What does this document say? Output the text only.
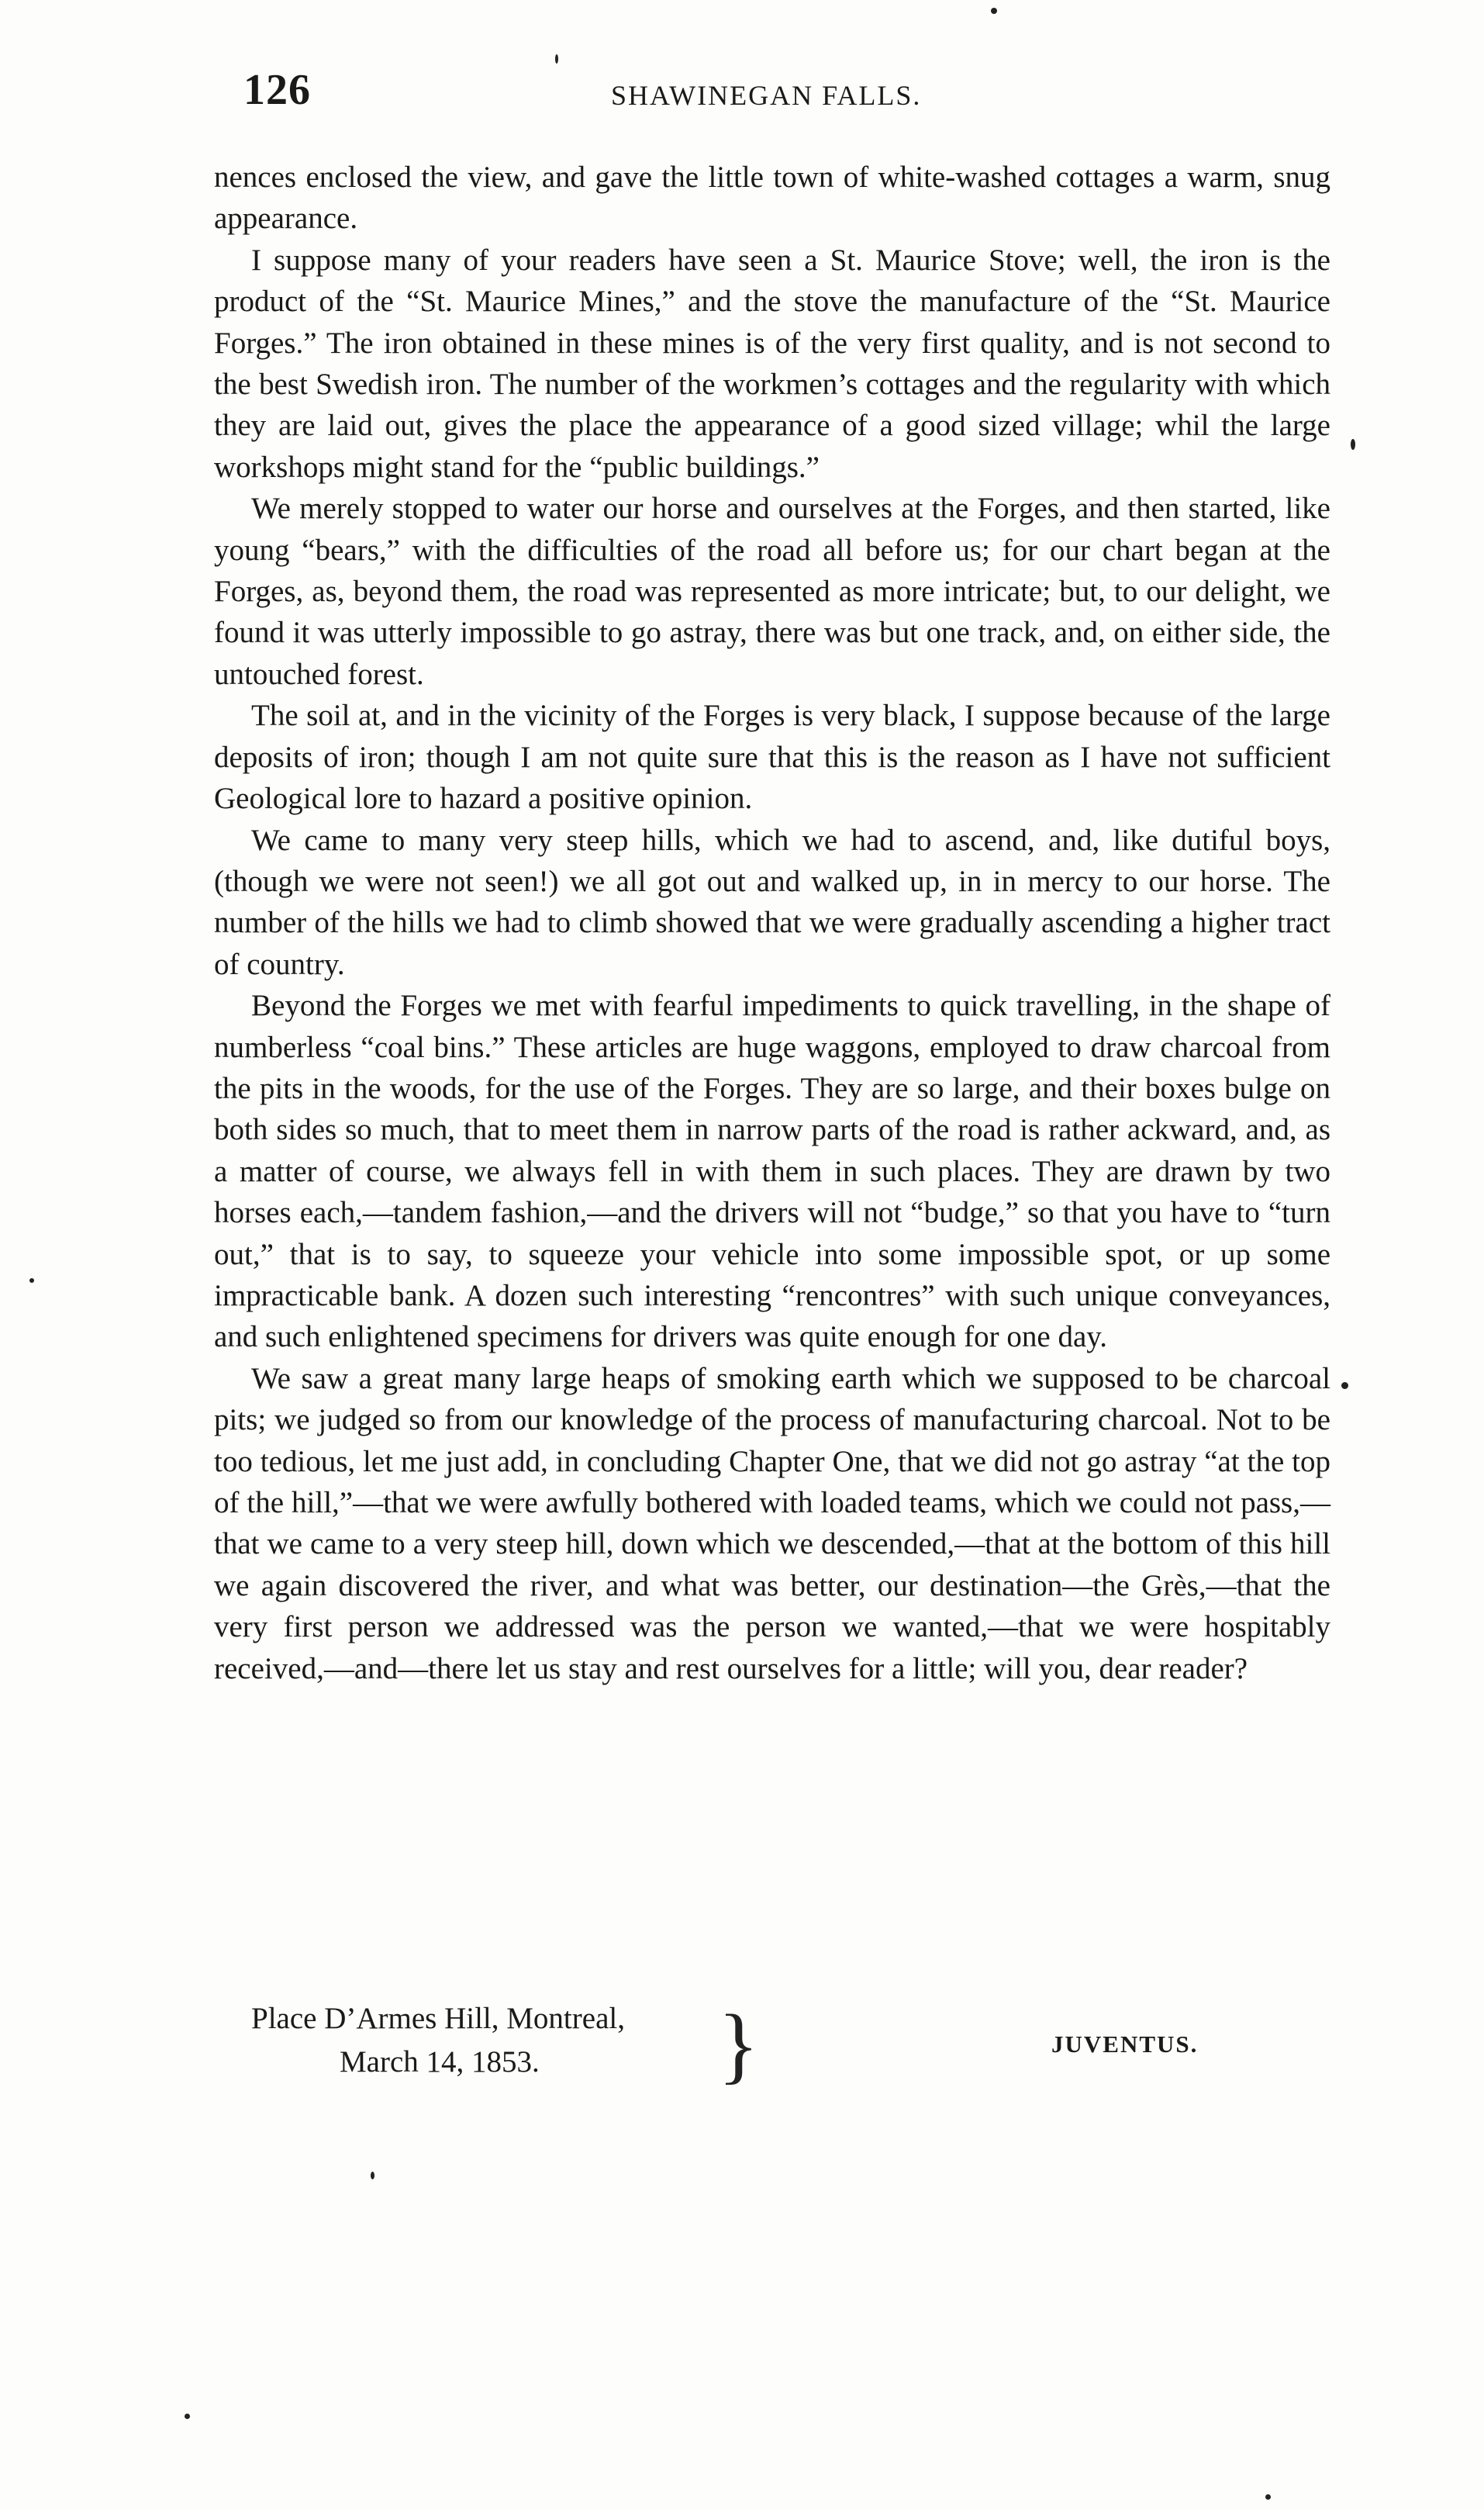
126	SHAWINEGAN FALLS.

nences enclosed the view, and gave the little town of white-washed cottages a warm, snug appearance.

I suppose many of your readers have seen a St. Maurice Stove; well, the iron is the product of the “St. Maurice Mines,” and the stove the manufacture of the “St. Maurice Forges.” The iron obtained in these mines is of the very first quality, and is not second to the best Swedish iron. The number of the workmen’s cottages and the regularity with which they are laid out, gives the place the appearance of a good sized village; whil the large workshops might stand for the “public buildings.”

We merely stopped to water our horse and ourselves at the Forges, and then started, like young “bears,” with the difficulties of the road all before us; for our chart began at the Forges, as, beyond them, the road was represented as more intricate; but, to our delight, we found it was utterly impossible to go astray, there was but one track, and, on either side, the untouched forest.

The soil at, and in the vicinity of the Forges is very black, I suppose because of the large deposits of iron; though I am not quite sure that this is the reason as I have not sufficient Geological lore to hazard a positive opinion.

We came to many very steep hills, which we had to ascend, and, like dutiful boys, (though we were not seen!) we all got out and walked up, in in mercy to our horse. The number of the hills we had to climb showed that we were gradually ascending a higher tract of country.

Beyond the Forges we met with fearful impediments to quick travelling, in the shape of numberless “coal bins.” These articles are huge waggons, employed to draw charcoal from the pits in the woods, for the use of the Forges. They are so large, and their boxes bulge on both sides so much, that to meet them in narrow parts of the road is rather ackward, and, as a matter of course, we always fell in with them in such places. They are drawn by two horses each,—tandem fashion,—and the drivers will not “budge,” so that you have to “turn out,” that is to say, to squeeze your vehicle into some impossible spot, or up some impracticable bank. A dozen such interesting “rencontres” with such unique conveyances, and such enlightened specimens for drivers was quite enough for one day.

We saw a great many large heaps of smoking earth which we supposed to be charcoal pits; we judged so from our knowledge of the process of manufacturing charcoal. Not to be too tedious, let me just add, in concluding Chapter One, that we did not go astray “at the top of the hill,”—that we were awfully bothered with loaded teams, which we could not pass,—that we came to a very steep hill, down which we descended,—that at the bottom of this hill we again discovered the river, and what was better, our destination—the Grès,—that the very first person we addressed was the person we wanted,—that we were hospitably received,—and—there let us stay and rest ourselves for a little; will you, dear reader?

Place D’Armes Hill, Montreal,
March 14, 1853. }	JUVENTUS.
